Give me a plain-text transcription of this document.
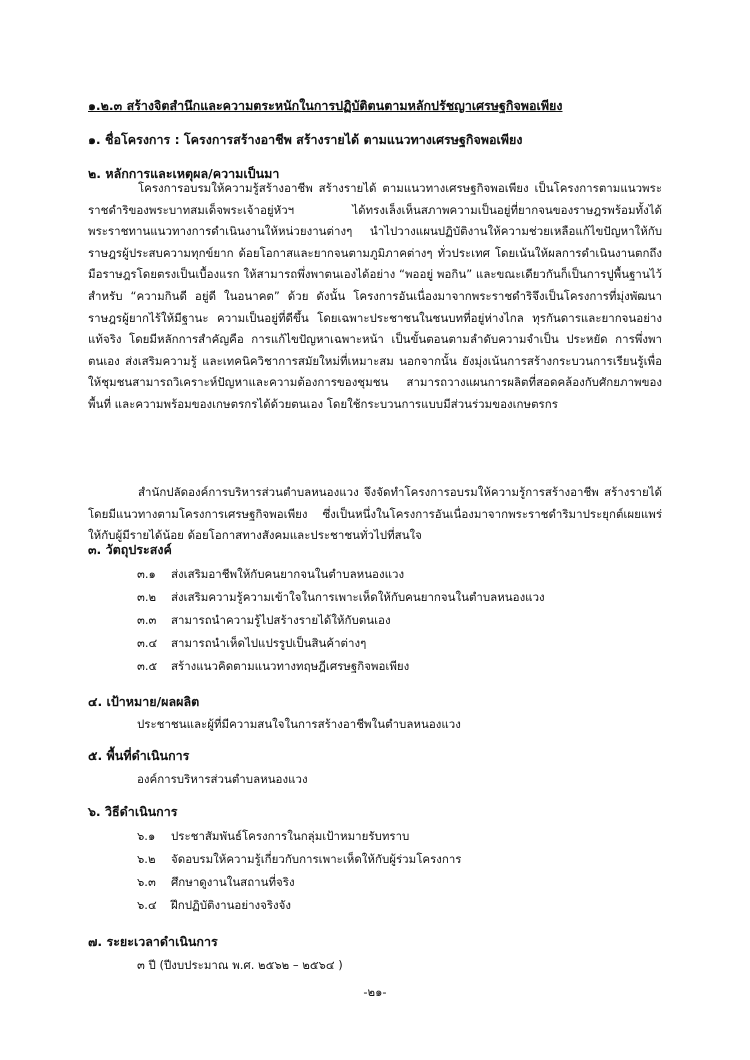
๑.๒.๓ สร้างจิตสำนึกและความตระหนักในการปฏิบัติตนตามหลักปรัชญาเศรษฐกิจพอเพียง
๑. ชื่อโครงการ : โครงการสร้างอาชีพ สร้างรายได้ ตามแนวทางเศรษฐกิจพอเพียง
๒. หลักการและเหตุผล/ความเป็นมา

โครงการอบรมให้ความรู้สร้างอาชีพ สร้างรายได้ ตามแนวทางเศรษฐกิจพอเพียง เป็นโครงการตามแนวพระราชดำริของพระบาทสมเด็จพระเจ้าอยู่หัวฯ ได้ทรงเล็งเห็นสภาพความเป็นอยู่ที่ยากจนของราษฎรพร้อมทั้งได้พระราชทานแนวทางการดำเนินงานให้หน่วยงานต่างๆ นำไปวางแผนปฏิบัติงานให้ความช่วยเหลือแก้ไขปัญหาให้กับราษฎรผู้ประสบความทุกข์ยาก ด้อยโอกาสและยากจนตามภูมิภาคต่างๆ ทั่วประเทศ โดยเน้นให้ผลการดำเนินงานตกถึงมือราษฎรโดยตรงเป็นเบื้องแรก ให้สามารถพึ่งพาตนเองได้อย่าง “พออยู่ พอกิน” และขณะเดียวกันก็เป็นการปูพื้นฐานไว้สำหรับ “ความกินดี อยู่ดี ในอนาคต” ด้วย ดังนั้น โครงการอันเนื่องมาจากพระราชดำริจึงเป็นโครงการที่มุ่งพัฒนาราษฎรผู้ยากไร้ให้มีฐานะ ความเป็นอยู่ที่ดีขึ้น โดยเฉพาะประชาชนในชนบทที่อยู่ห่างไกล ทุรกันดารและยากจนอย่างแท้จริง โดยมีหลักการสำคัญคือ การแก้ไขปัญหาเฉพาะหน้า เป็นขั้นตอนตามลำดับความจำเป็น ประหยัด การพึ่งพาตนเอง ส่งเสริมความรู้ และเทคนิควิชาการสมัยใหม่ที่เหมาะสม นอกจากนั้น ยังมุ่งเน้นการสร้างกระบวนการเรียนรู้เพื่อให้ชุมชนสามารถวิเคราะห์ปัญหาและความต้องการของชุมชน สามารถวางแผนการผลิตที่สอดคล้องกับศักยภาพของพื้นที่ และความพร้อมของเกษตรกรได้ด้วยตนเอง โดยใช้กระบวนการแบบมีส่วนร่วมของเกษตรกร

สำนักปลัดองค์การบริหารส่วนตำบลหนองแวง จึงจัดทำโครงการอบรมให้ความรู้การสร้างอาชีพ สร้างรายได้ โดยมีแนวทางตามโครงการเศรษฐกิจพอเพียง ซึ่งเป็นหนึ่งในโครงการอันเนื่องมาจากพระราชดำริมาประยุกต์เผยแพร่ให้กับผู้มีรายได้น้อย ด้อยโอกาสทางสังคมและประชาชนทั่วไปที่สนใจ

๓. วัตถุประสงค์
๓.๑ ส่งเสริมอาชีพให้กับคนยากจนในตำบลหนองแวง
๓.๒ ส่งเสริมความรู้ความเข้าใจในการเพาะเห็ดให้กับคนยากจนในตำบลหนองแวง
๓.๓ สามารถนำความรู้ไปสร้างรายได้ให้กับตนเอง
๓.๔ สามารถนำเห็ดไปแปรรูปเป็นสินค้าต่างๆ
๓.๕ สร้างแนวคิดตามแนวทางทฤษฎีเศรษฐกิจพอเพียง
๔. เป้าหมาย/ผลผลิต
ประชาชนและผู้ที่มีความสนใจในการสร้างอาชีพในตำบลหนองแวง
๕. พื้นที่ดำเนินการ
องค์การบริหารส่วนตำบลหนองแวง
๖. วิธีดำเนินการ
๖.๑ ประชาสัมพันธ์โครงการในกลุ่มเป้าหมายรับทราบ
๖.๒ จัดอบรมให้ความรู้เกี่ยวกับการเพาะเห็ดให้กับผู้ร่วมโครงการ
๖.๓ ศึกษาดูงานในสถานที่จริง
๖.๔ ฝึกปฏิบัติงานอย่างจริงจัง
๗. ระยะเวลาดำเนินการ
๓ ปี (ปีงบประมาณ พ.ศ. ๒๕๖๒ – ๒๕๖๔ )
-๒๑-
